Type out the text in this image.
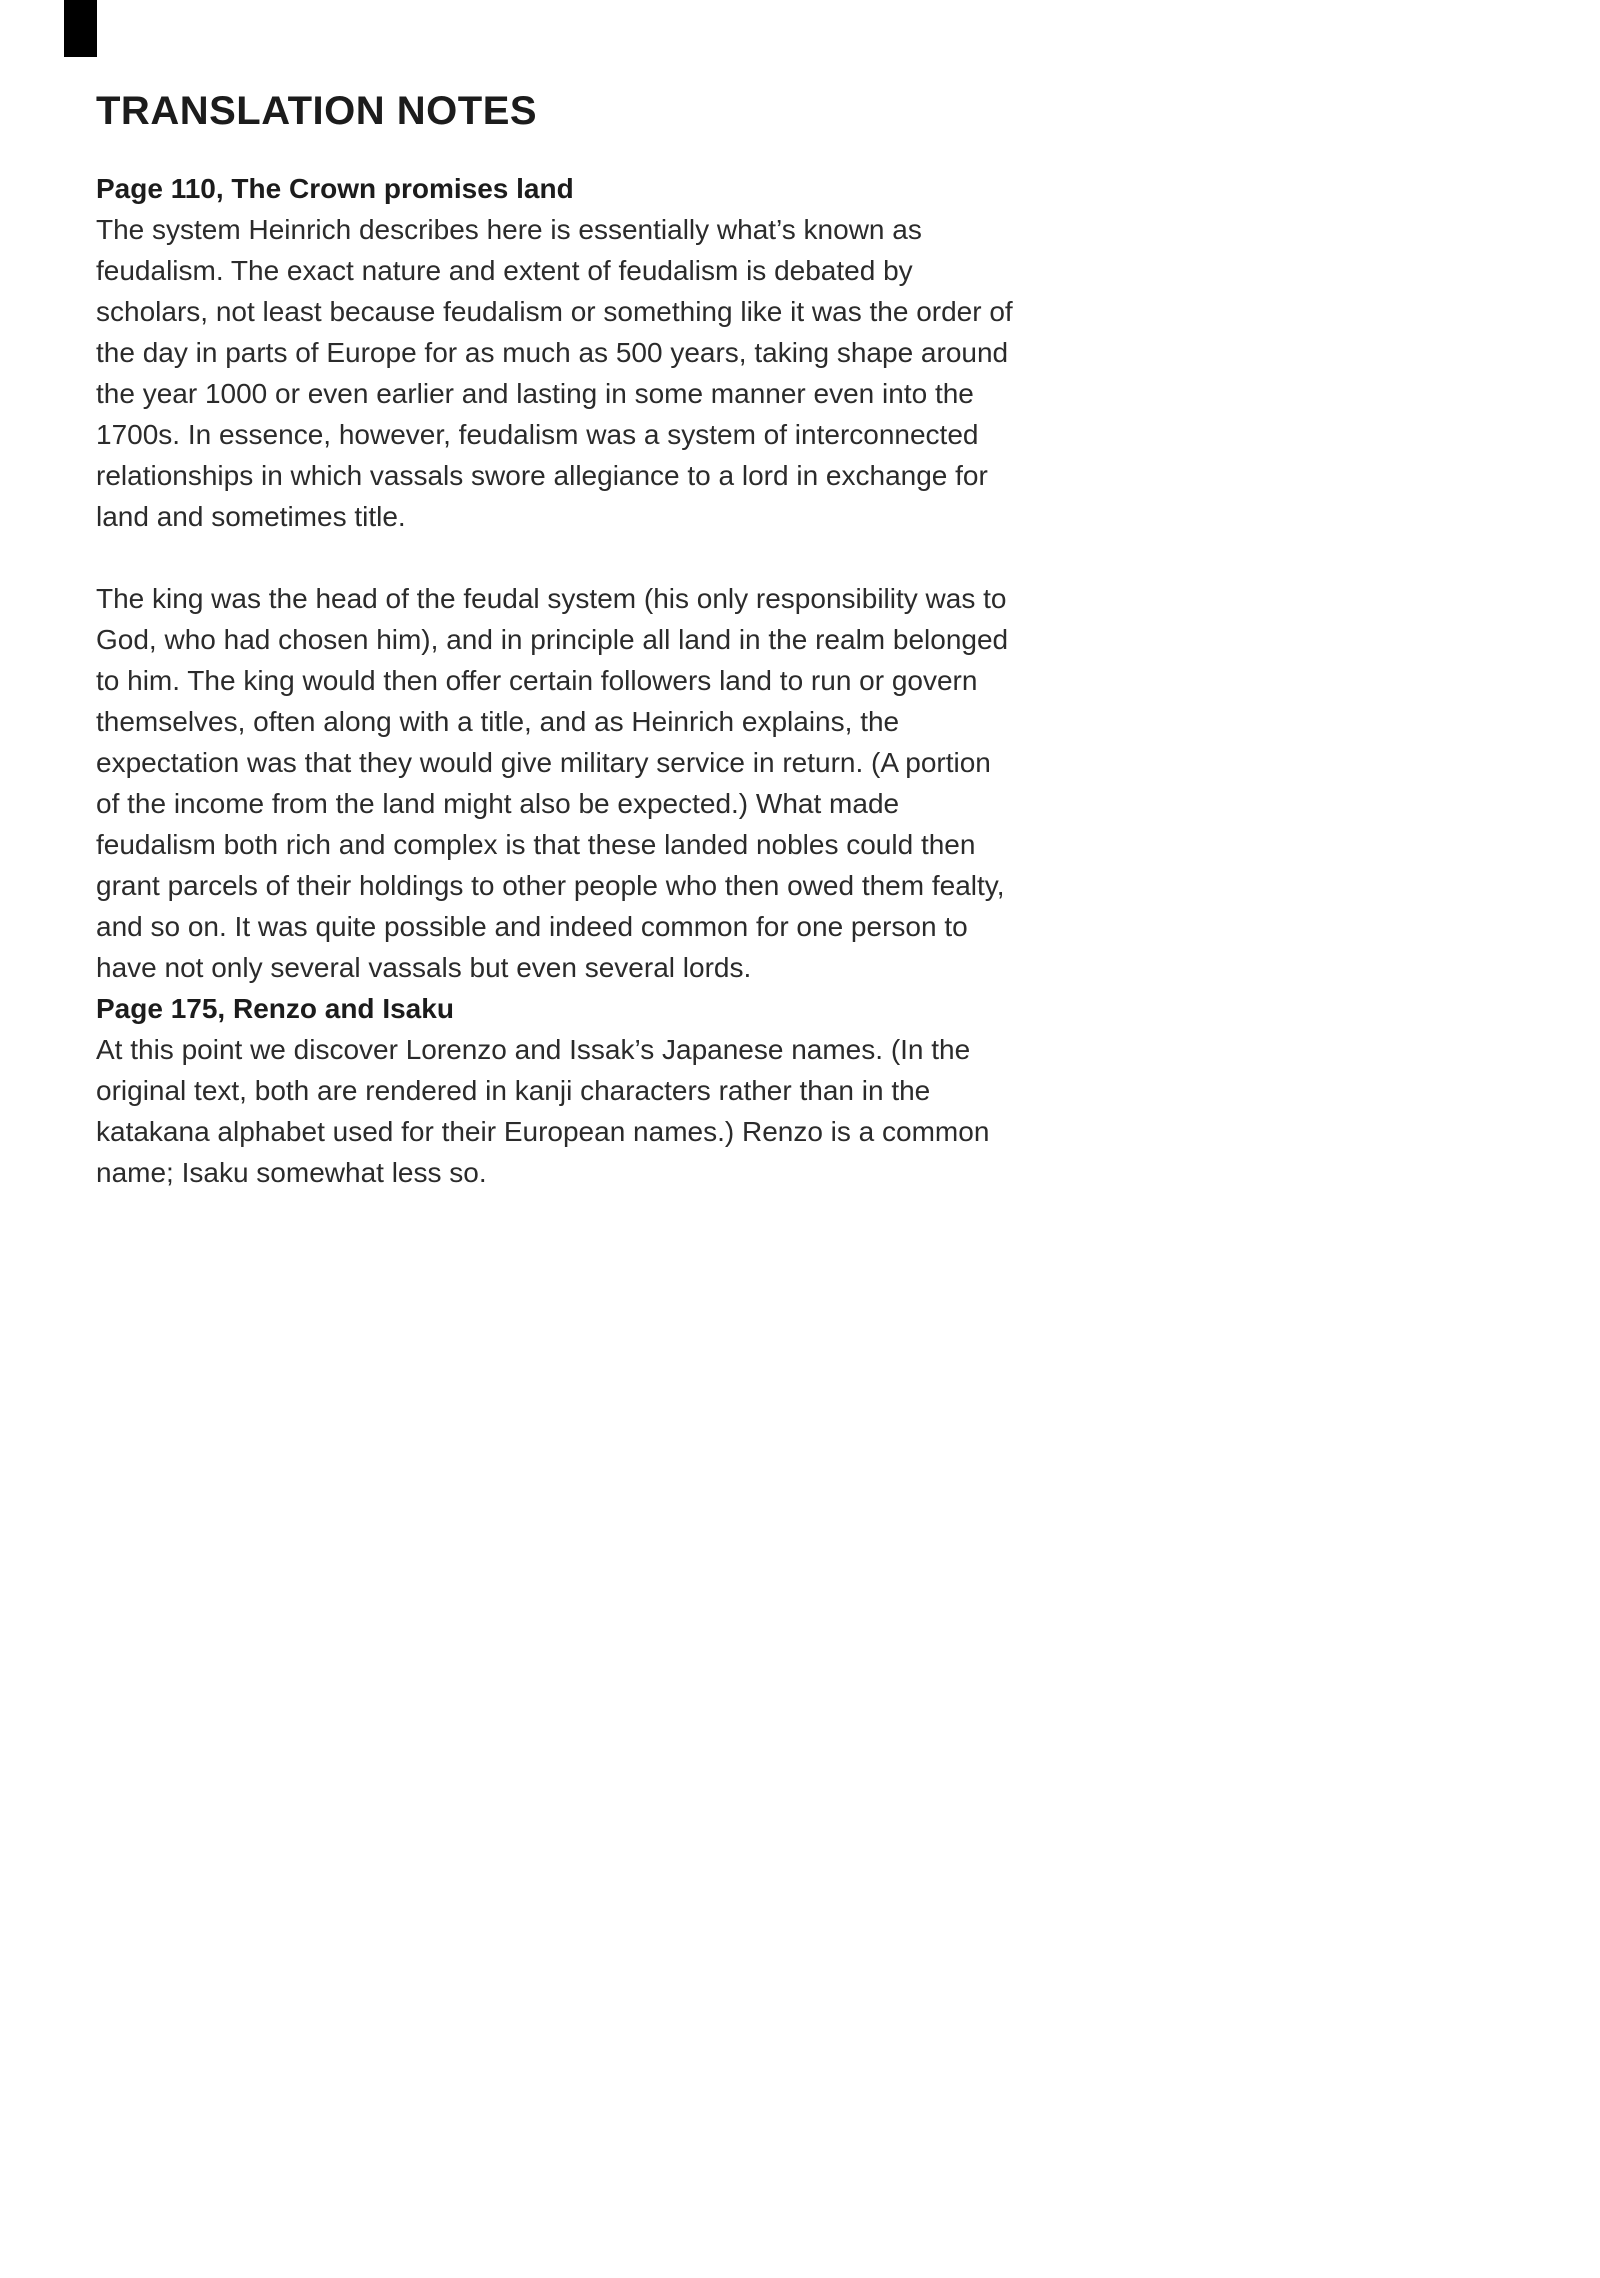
TRANSLATION NOTES
Page 110, The Crown promises land

The system Heinrich describes here is essentially what’s known as feudalism. The exact nature and extent of feudalism is debated by scholars, not least because feudalism or something like it was the order of the day in parts of Europe for as much as 500 years, taking shape around the year 1000 or even earlier and lasting in some manner even into the 1700s. In essence, however, feudalism was a system of interconnected relationships in which vassals swore allegiance to a lord in exchange for land and sometimes title.

The king was the head of the feudal system (his only responsibility was to God, who had chosen him), and in principle all land in the realm belonged to him. The king would then offer certain followers land to run or govern themselves, often along with a title, and as Heinrich explains, the expectation was that they would give military service in return. (A portion of the income from the land might also be expected.) What made feudalism both rich and complex is that these landed nobles could then grant parcels of their holdings to other people who then owed them fealty, and so on. It was quite possible and indeed common for one person to have not only several vassals but even several lords.

Page 175, Renzo and Isaku

At this point we discover Lorenzo and Issak’s Japanese names. (In the original text, both are rendered in kanji characters rather than in the katakana alphabet used for their European names.) Renzo is a common name; Isaku somewhat less so.
